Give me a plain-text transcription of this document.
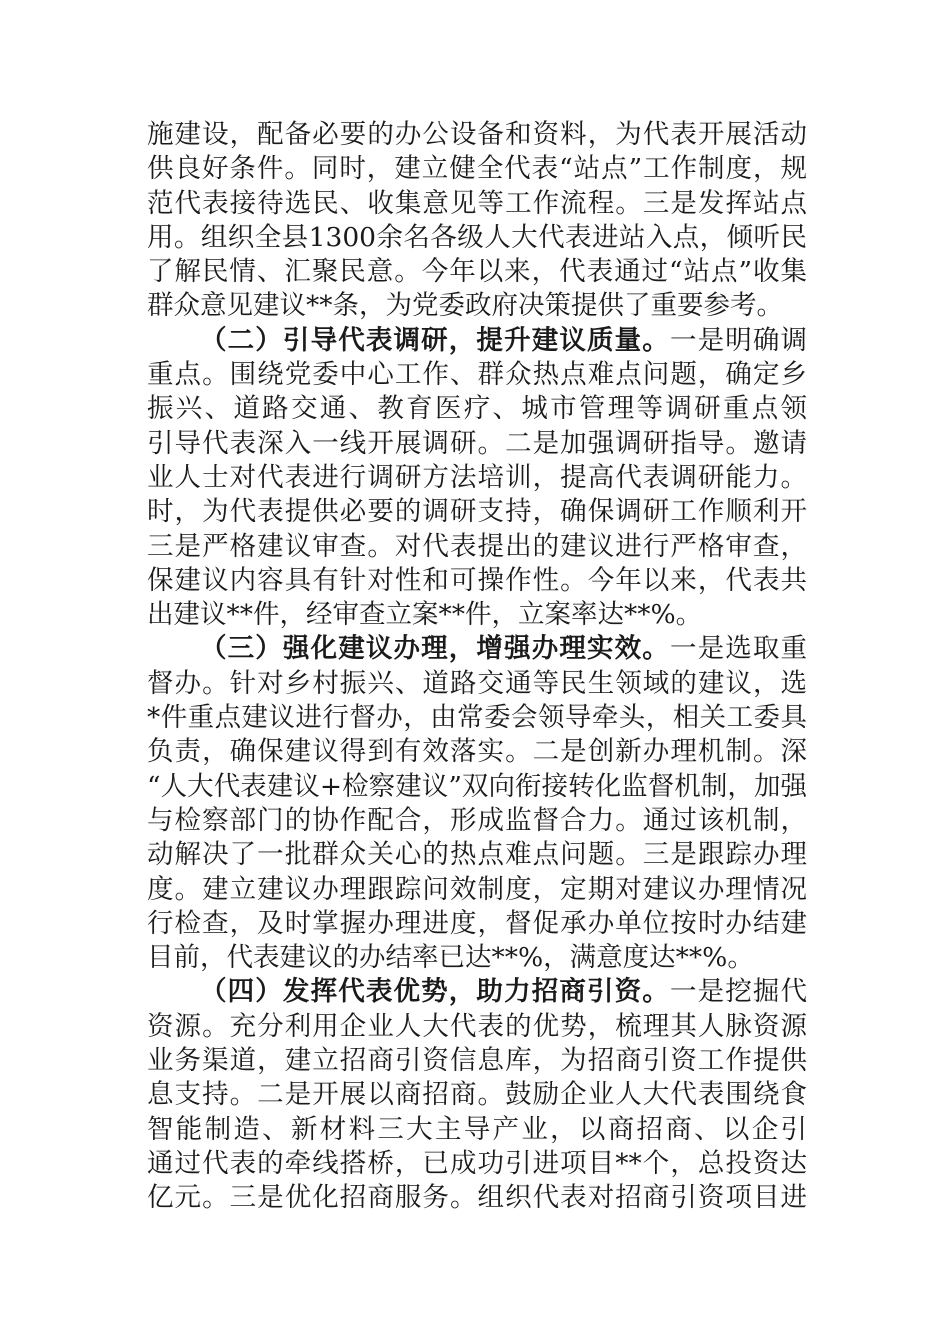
施建设，配备必要的办公设备和资料，为代表开展活动
供良好条件。同时，建立健全代表“站点”工作制度，规
范代表接待选民、收集意见等工作流程。三是发挥站点
用。组织全县1300余名各级人大代表进站入点，倾听民
了解民情、汇聚民意。今年以来，代表通过“站点”收集
群众意见建议**条，为党委政府决策提供了重要参考。
（二）引导代表调研，提升建议质量。一是明确调
重点。围绕党委中心工作、群众热点难点问题，确定乡
振兴、道路交通、教育医疗、城市管理等调研重点领
引导代表深入一线开展调研。二是加强调研指导。邀请
业人士对代表进行调研方法培训，提高代表调研能力。
时，为代表提供必要的调研支持，确保调研工作顺利开
三是严格建议审查。对代表提出的建议进行严格审查，
保建议内容具有针对性和可操作性。今年以来，代表共
出建议**件，经审查立案**件，立案率达**%。
（三）强化建议办理，增强办理实效。一是选取重
督办。针对乡村振兴、道路交通等民生领域的建议，选
*件重点建议进行督办，由常委会领导牵头，相关工委具
负责，确保建议得到有效落实。二是创新办理机制。深
“人大代表建议+检察建议”双向衔接转化监督机制，加强
与检察部门的协作配合，形成监督合力。通过该机制，
动解决了一批群众关心的热点难点问题。三是跟踪办理
度。建立建议办理跟踪问效制度，定期对建议办理情况
行检查，及时掌握办理进度，督促承办单位按时办结建
目前，代表建议的办结率已达**%，满意度达**%。
（四）发挥代表优势，助力招商引资。一是挖掘代
资源。充分利用企业人大代表的优势，梳理其人脉资源
业务渠道，建立招商引资信息库，为招商引资工作提供
息支持。二是开展以商招商。鼓励企业人大代表围绕食
智能制造、新材料三大主导产业，以商招商、以企引
通过代表的牵线搭桥，已成功引进项目**个，总投资达
亿元。三是优化招商服务。组织代表对招商引资项目进
